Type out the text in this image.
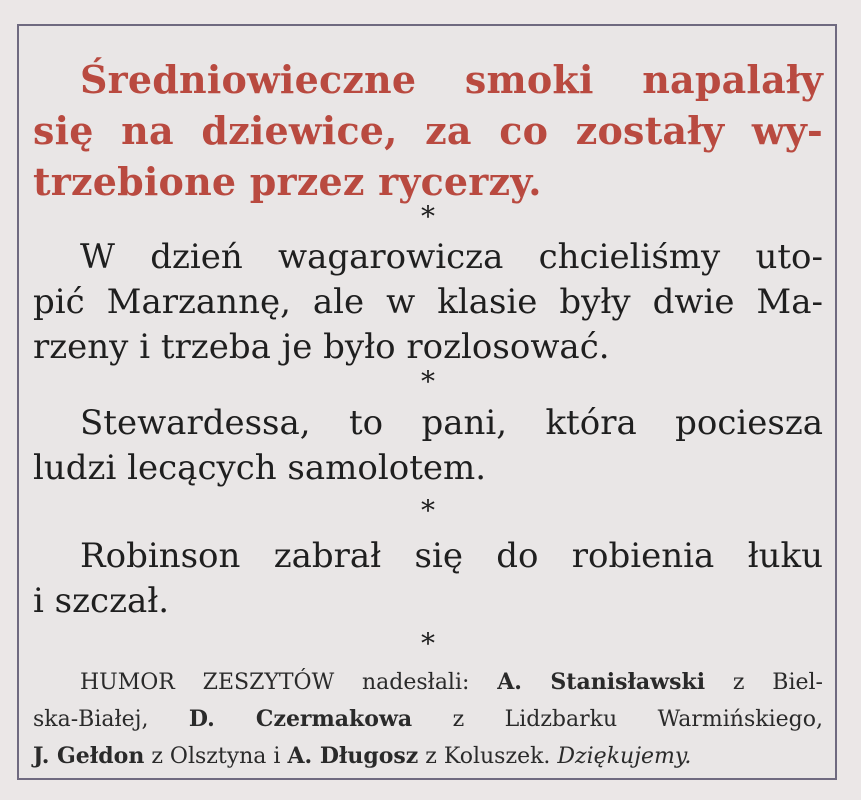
Średniowieczne smoki napalały
się na dziewice, za co zostały wy-
trzebione przez rycerzy.

*

W dzień wagarowicza chcieliśmy uto-
pić Marzannę, ale w klasie były dwie Ma-
rzeny i trzeba je było rozlosować.

*

Stewardessa, to pani, która pociesza
ludzi lecących samolotem.

*

Robinson zabrał się do robienia łuku
i szczał.

*

HUMOR ZESZYTÓW nadesłali: A. Stanisławski z Biel-
ska-Białej, D. Czermakowa z Lidzbarku Warmińskiego,
J. Gełdon z Olsztyna i A. Długosz z Koluszek. Dziękujemy.
